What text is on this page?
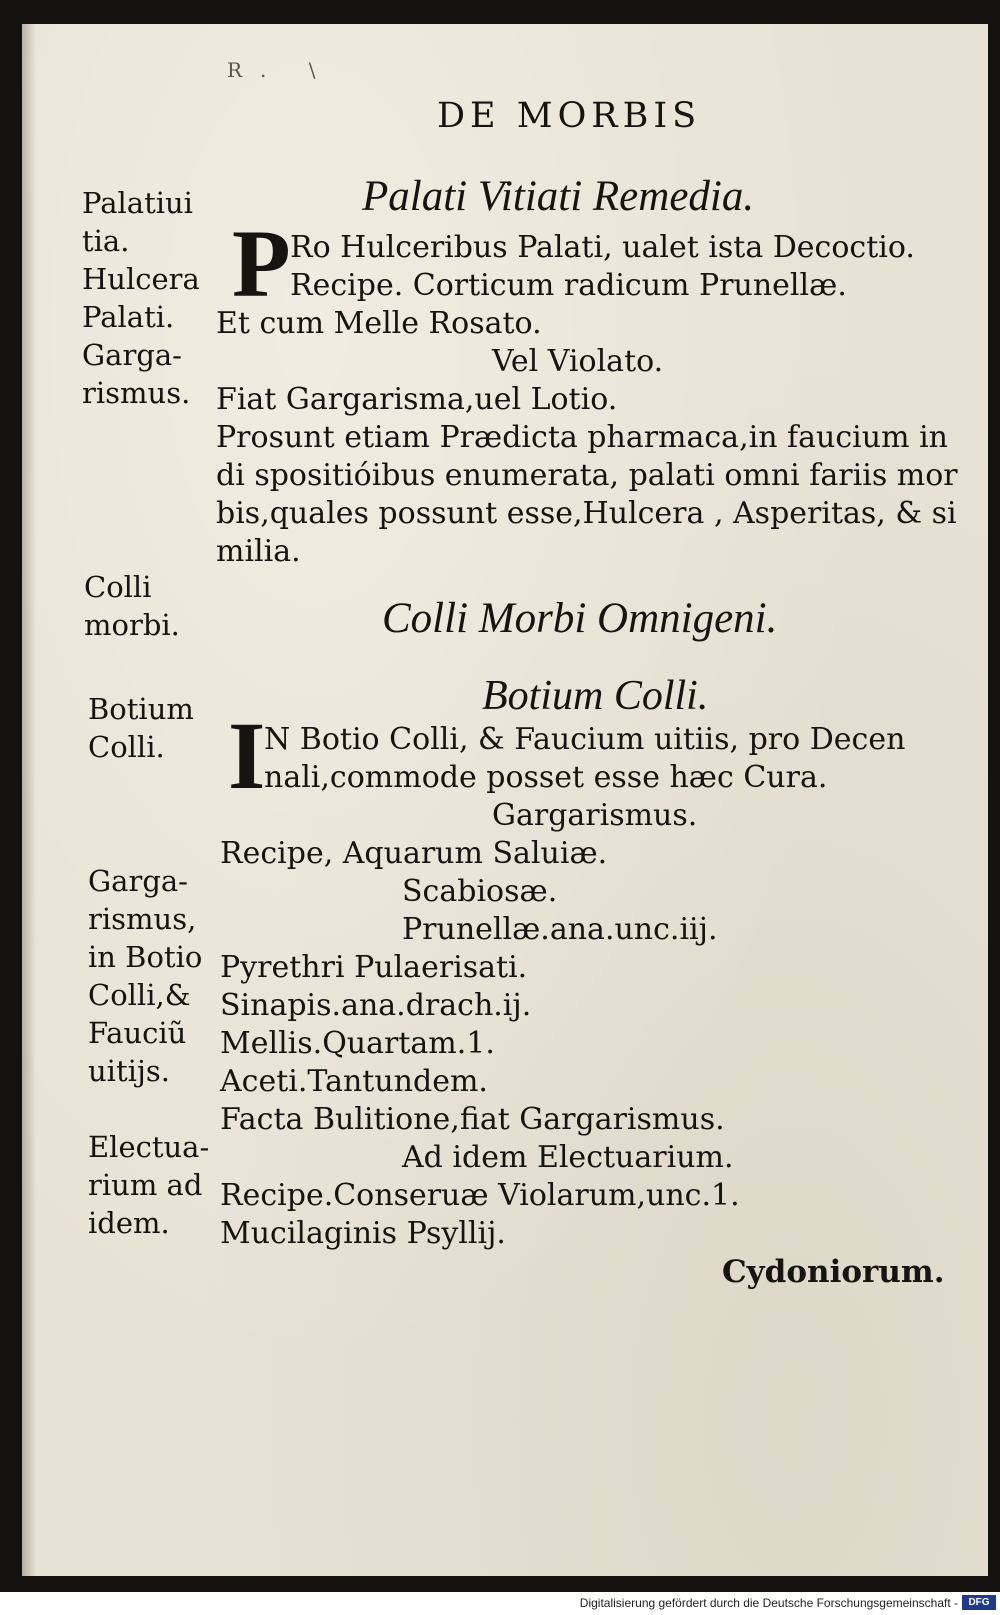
R. \
DE MORBIS
Palati Vitiati Remedia.
P Ro Hulceribus Palati, ualet ista Decoctio.
Recipe. Corticum radicum Prunellæ.
Et cum Melle Rosato.
Vel Violato.
Fiat Gargarisma,uel Lotio.
Prosunt etiam Prædicta pharmaca,in faucium in
di spositióibus enumerata, palati omni fariis mor
bis,quales possunt esse,Hulcera , Asperitas, & si
milia.
Colli Morbi Omnigeni.
Botium Colli.
I
N Botio Colli, & Faucium uitiis, pro Decen
nali,commode posset esse hæc Cura.
Gargarismus.
Recipe, Aquarum Saluiæ.
Scabiosæ.
Prunellæ.ana.unc.iij.
Pyrethri Pulaerisati.
Sinapis.ana.drach.ij.
Mellis.Quartam.1.
Aceti.Tantundem.
Facta Bulitione,fiat Gargarismus.
Ad idem Electuarium.
Recipe.Conseruæ Violarum,unc.1.
Mucilaginis Psyllij.
Palatiui
tia.
Hulcera
Palati.
Garga-
rismus.
Colli
morbi.
Botium
Colli.
Garga-
rismus,
in Botio
Colli,&
Fauciũ
uitijs.
Electua-
rium ad
idem.
Cydoniorum.
Digitalisierung gefördert durch die Deutsche Forschungsgemeinschaft -	DFG
